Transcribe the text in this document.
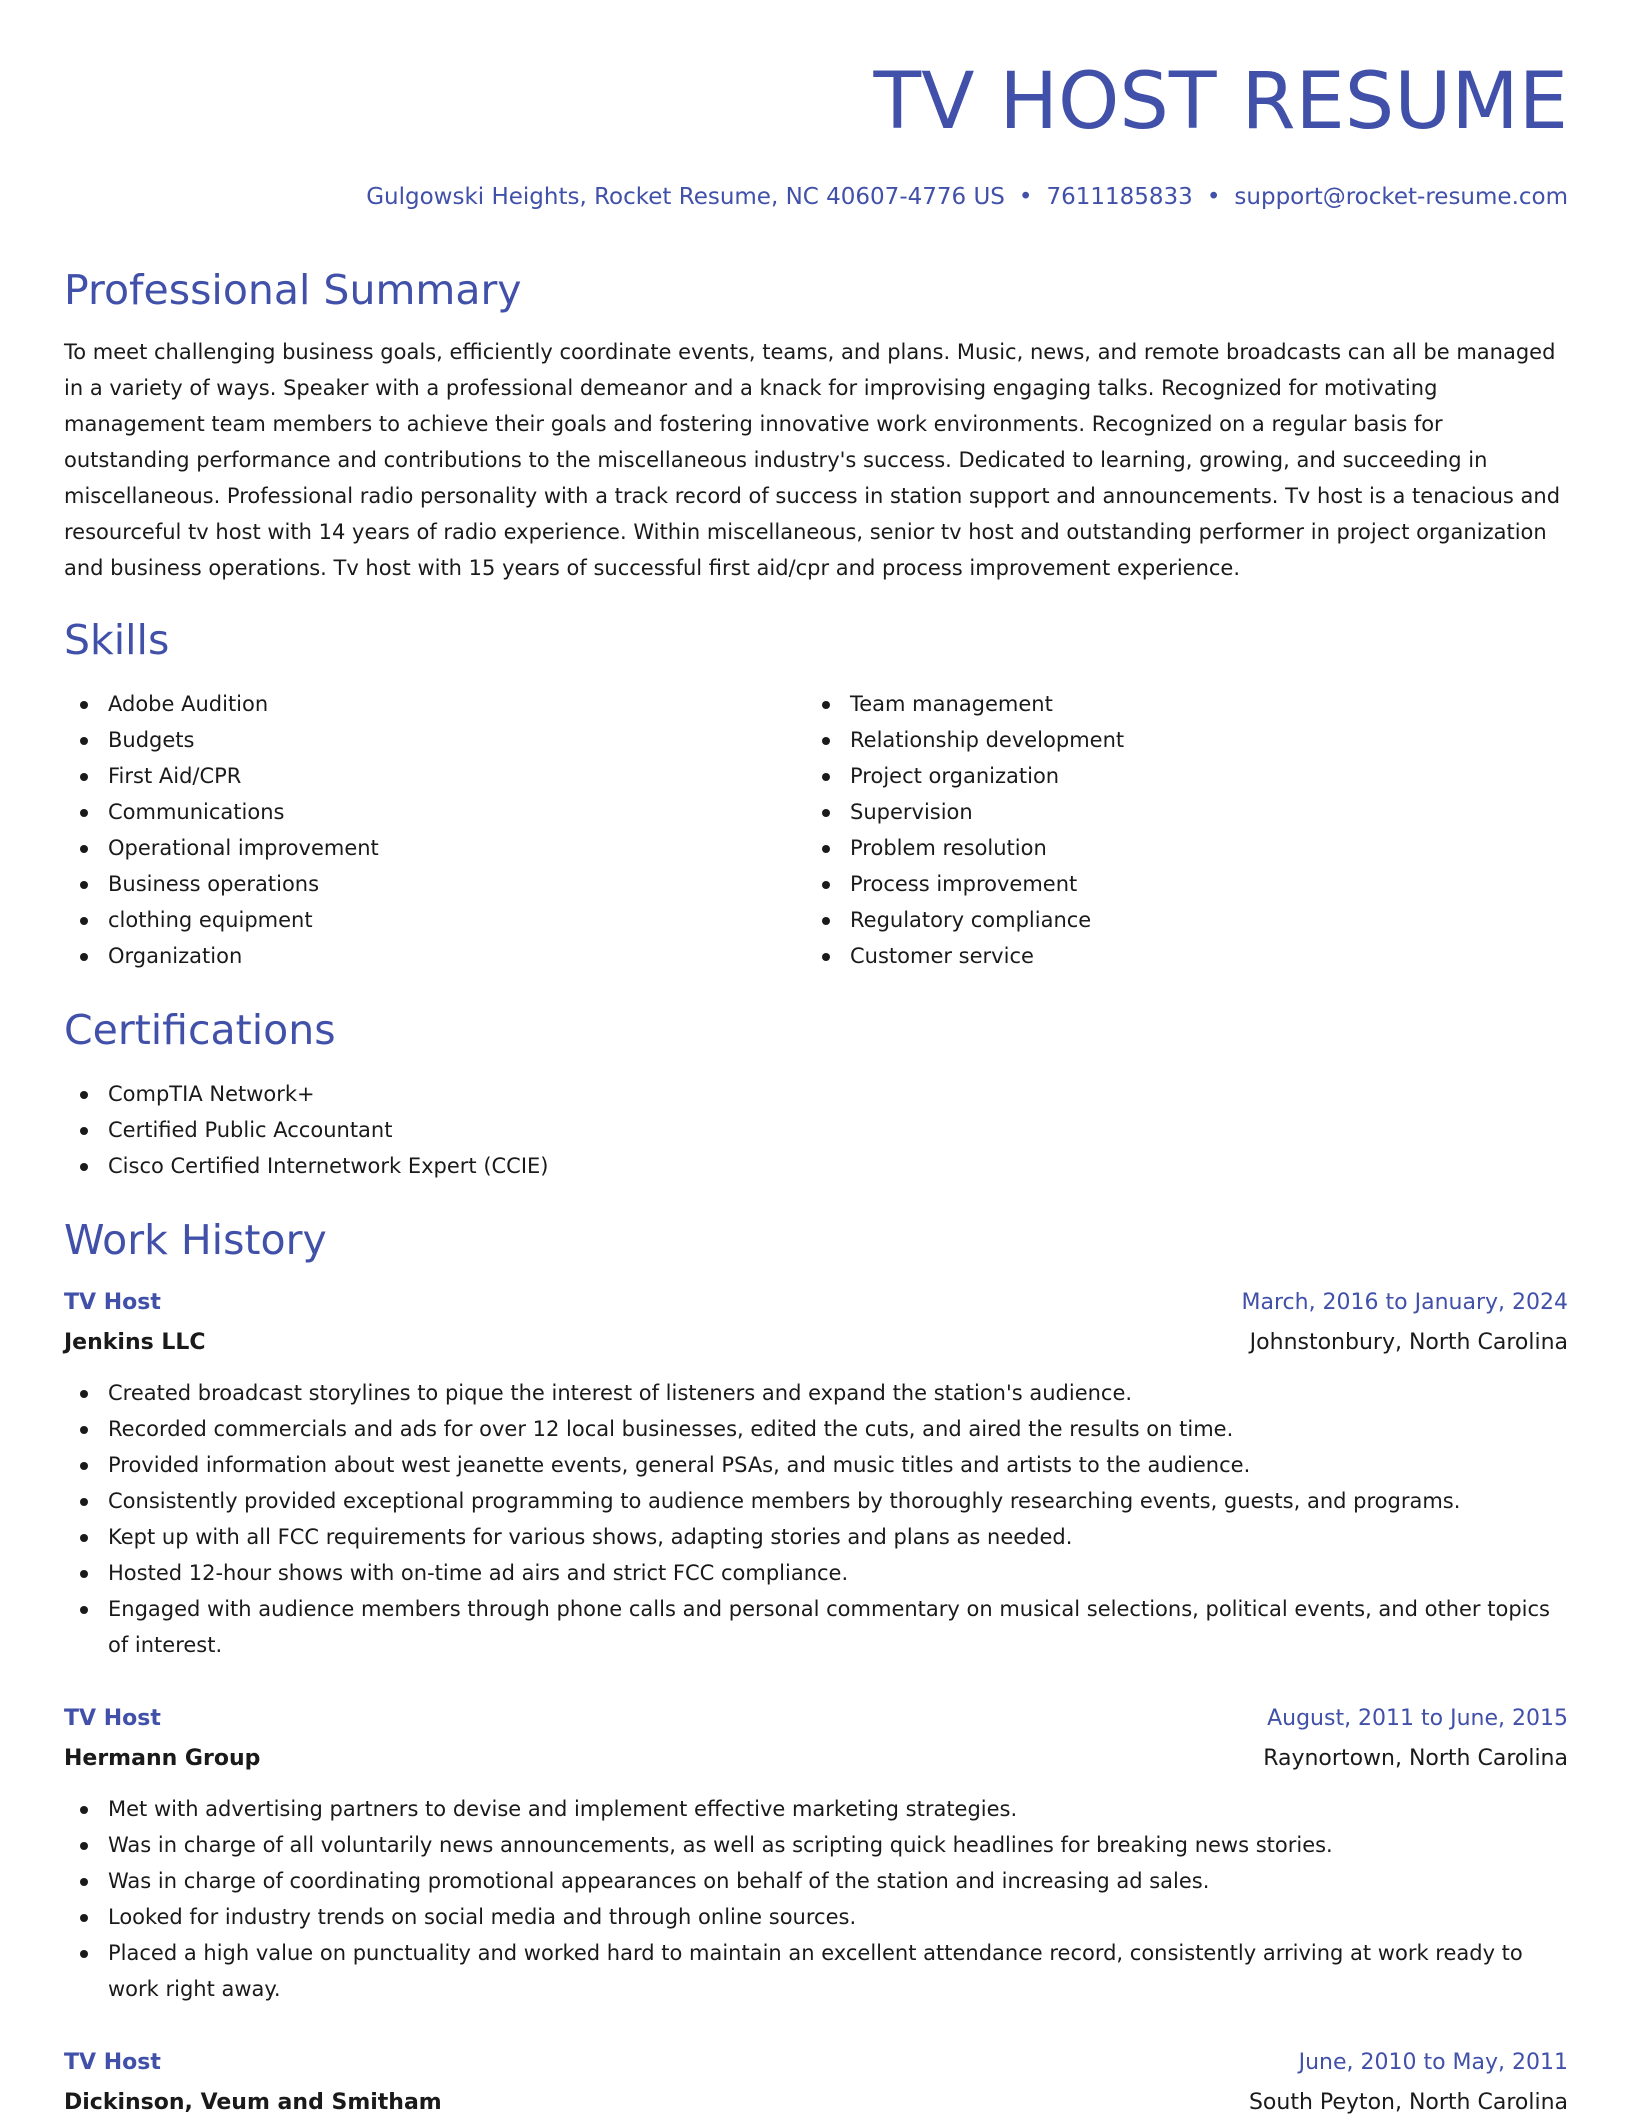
TV HOST RESUME
Gulgowski Heights, Rocket Resume, NC 40607-4776 US • 7611185833 • support@rocket-resume.com
Professional Summary

To meet challenging business goals, efficiently coordinate events, teams, and plans. Music, news, and remote broadcasts can all be managed in a variety of ways. Speaker with a professional demeanor and a knack for improvising engaging talks. Recognized for motivating management team members to achieve their goals and fostering innovative work environments. Recognized on a regular basis for outstanding performance and contributions to the miscellaneous industry's success. Dedicated to learning, growing, and succeeding in miscellaneous. Professional radio personality with a track record of success in station support and announcements. Tv host is a tenacious and resourceful tv host with 14 years of radio experience. Within miscellaneous, senior tv host and outstanding performer in project organization and business operations. Tv host with 15 years of successful first aid/cpr and process improvement experience.

Skills
Adobe Audition
Budgets
First Aid/CPR
Communications
Operational improvement
Business operations
clothing equipment
Organization
Team management
Relationship development
Project organization
Supervision
Problem resolution
Process improvement
Regulatory compliance
Customer service
Certifications
CompTIA Network+
Certified Public Accountant
Cisco Certified Internetwork Expert (CCIE)
Work History
TV Host	March, 2016 to January, 2024
Jenkins LLC	Johnstonbury, North Carolina
Created broadcast storylines to pique the interest of listeners and expand the station's audience.
Recorded commercials and ads for over 12 local businesses, edited the cuts, and aired the results on time.
Provided information about west jeanette events, general PSAs, and music titles and artists to the audience.
Consistently provided exceptional programming to audience members by thoroughly researching events, guests, and programs.
Kept up with all FCC requirements for various shows, adapting stories and plans as needed.
Hosted 12-hour shows with on-time ad airs and strict FCC compliance.
Engaged with audience members through phone calls and personal commentary on musical selections, political events, and other topics of interest.
TV Host	August, 2011 to June, 2015
Hermann Group	Raynortown, North Carolina
Met with advertising partners to devise and implement effective marketing strategies.
Was in charge of all voluntarily news announcements, as well as scripting quick headlines for breaking news stories.
Was in charge of coordinating promotional appearances on behalf of the station and increasing ad sales.
Looked for industry trends on social media and through online sources.
Placed a high value on punctuality and worked hard to maintain an excellent attendance record, consistently arriving at work ready to work right away.
TV Host	June, 2010 to May, 2011
Dickinson, Veum and Smitham	South Peyton, North Carolina
